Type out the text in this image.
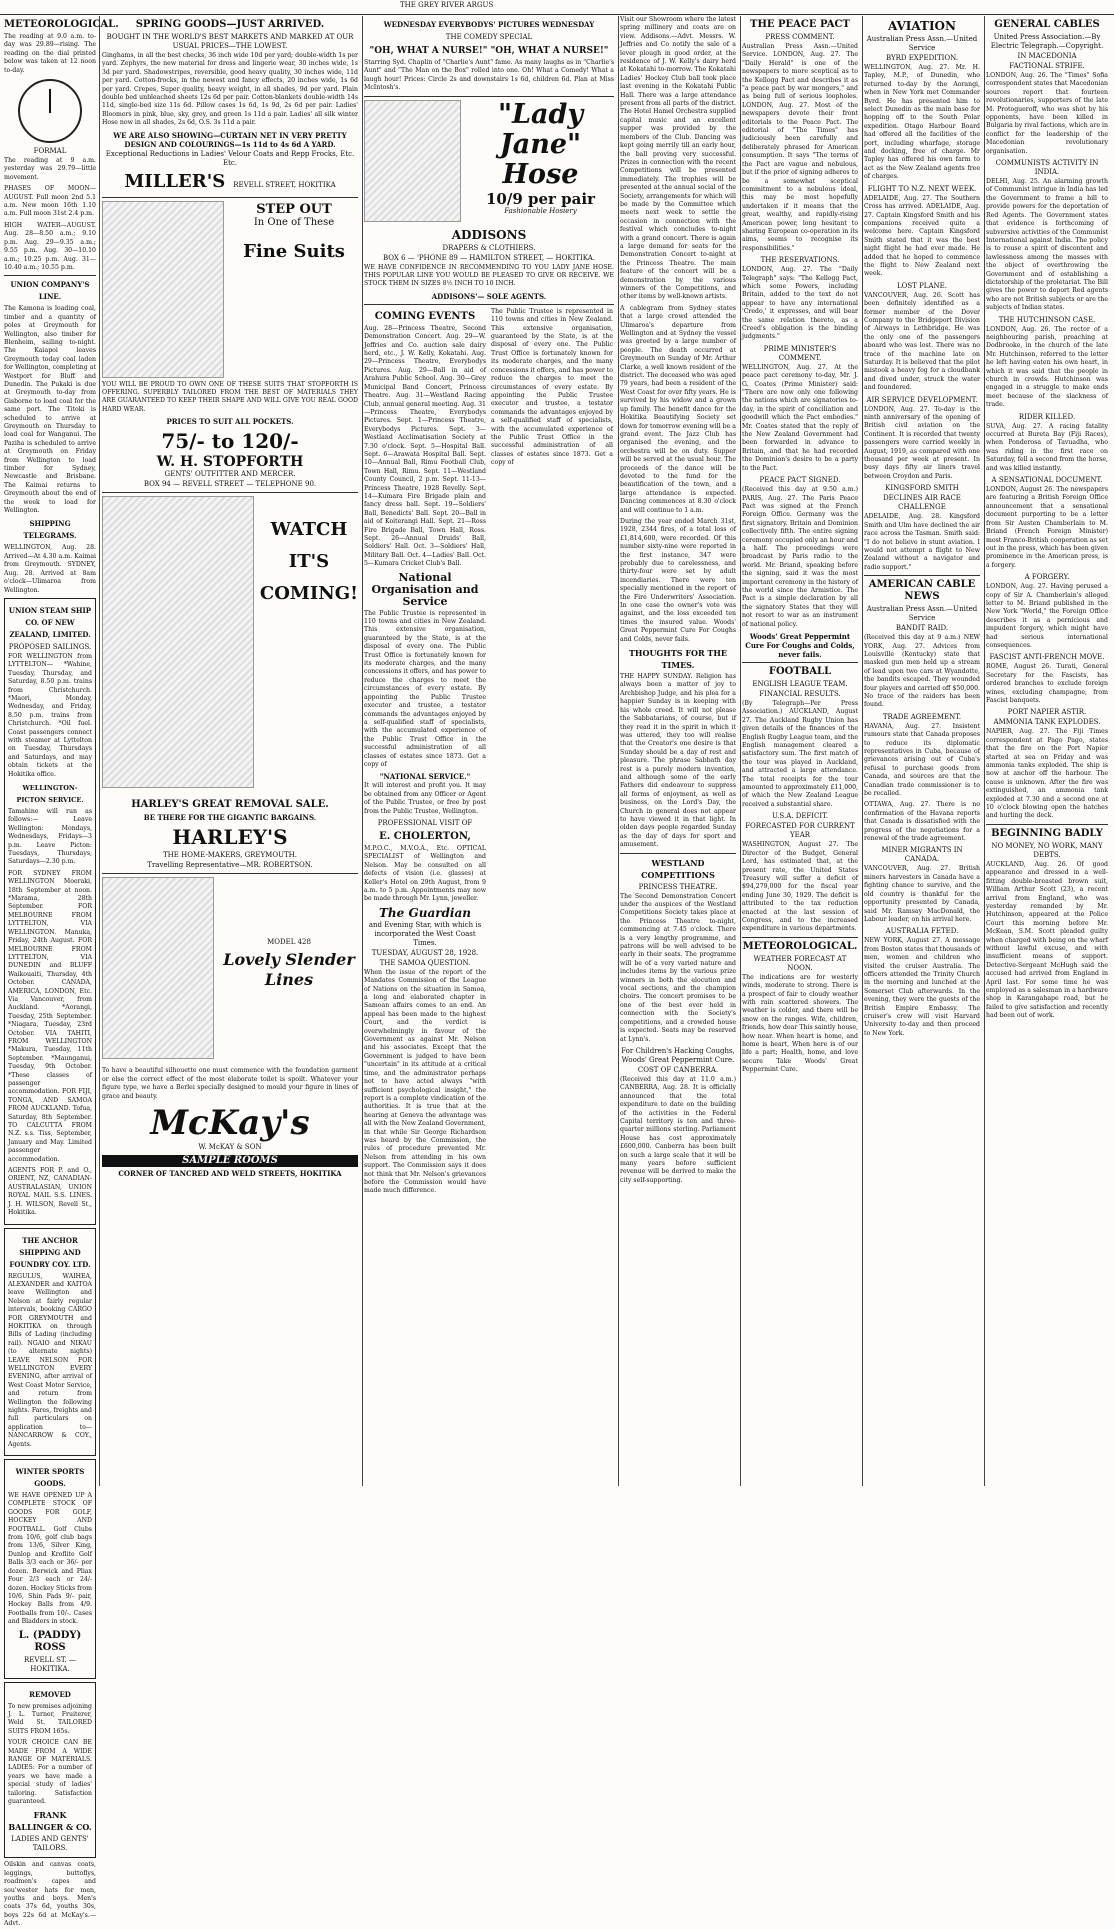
THE GREY RIVER ARGUS
METEOROLOGICAL.
The reading at 9.0 a.m. to-day was 29.89—rising. The reading on the dial printed below was taken at 12 noon to-day.
FORMAL
The reading at 9 a.m. yesterday was 29.79—little movement.
PHASES OF MOON—AUGUST. Full moon 2nd 5.1 a.m. New moon 16th 1.10 a.m. Full moon 31st 2.4 p.m.
HIGH WATER—AUGUST. Aug. 28—8.50 a.m.; 9.10 p.m. Aug. 29—9.35 a.m.; 9.55 p.m. Aug. 30—10.10 a.m.; 10.25 p.m. Aug. 31—10.40 a.m.; 10.55 p.m.
UNION COMPANY'S LINE.
The Kamona is loading coal, timber and a quantity of poles at Greymouth for Wellington, also timber for Blenheim, sailing to-night. The Kaiapoi leaves Greymouth today coal laden for Wellington, completing at Westport for Bluff and Dunedin. The Pukaki is due at Greymouth to-day from Gisborne to load coal for the same port. The Titoki is scheduled to arrive at Greymouth on Thursday to load coal for Wanganui. The Paziha is scheduled to arrive at Greymouth on Friday from Wellington to load timber for Sydney, Newcastle and Brisbane. The Kaimai returns to Greymouth about the end of the week to load for Wellington.
SHIPPING TELEGRAMS.
WELLINGTON, Aug. 28. Arrived—At 4.30 a.m. Kaimai from Greymouth. SYDNEY, Aug. 28. Arrived at 8am o'clock—Ulimaroa from Wellington.
UNION STEAM SHIP CO. OF NEW ZEALAND, LIMITED.
PROPOSED SAILINGS.
FOR WELLINGTON from LYTTELTON— *Wahine, Tuesday, Thursday, and Saturday, 8.50 p.m. trains from Christchurch. *Maori, Monday, Wednesday, and Friday, 8.50 p.m. trains from Christchurch. *Oil fuel. Coast passengers connect with steamer at Lyttelton on Tuesday, Thursdays and Saturdays, and may obtain tickets at the Hokitika office.
WELLINGTON-PICTON SERVICE.
Tamahine will run as follows:— Leave Wellington: Mondays, Wednesdays, Fridays—3 p.m. Leave Picton: Tuesdays, Thursdays, Saturdays—2.30 p.m.
FOR SYDNEY FROM WELLINGTON Moeraki, 18th September at noon. *Marama, 28th September. FOR MELBOURNE FROM LYTTELTON, VIA WELLINGTON. Manuka, Friday, 24th August. FOR MELBOURNE FROM LYTTELTON, VIA DUNEDIN and BLUFF Waikouaiti, Thursday, 4th October. CANADA, AMERICA, LONDON, Etc. Via Vancouver, from Auckland. *Aorangi, Tuesday, 25th September. *Niagara, Tuesday, 23rd October. VIA TAHITI, FROM WELLINGTON *Makura, Tuesday, 11th September. *Maunganui, Tuesday, 9th October. *These classes of passenger accommodation. FOR FIJI, TONGA, AND SAMOA FROM AUCKLAND. Tofua, Saturday, 8th September. TO CALCUTTA FROM N.Z. s.s. Tiss, September, January and May. Limited passenger accommodation.
AGENTS FOR P. and O., ORIENT, NZ, CANADIAN-AUSTRALASIAN, UNION ROYAL MAIL S.S. LINES. J. H. WILSON, Revell St., Hokitika.
THE ANCHOR SHIPPING AND FOUNDRY COY. LTD.
REGULUS, WAIHEA, ALEXANDER and KAITOA leave Wellington and Nelson at fairly regular intervals, booking CARGO FOR GREYMOUTH and HOKITIKA on through Bills of Lading (including rail). NGAIO and NIKAU (to alternate nights) LEAVE NELSON FOR WELLINGTON EVERY EVENING, after arrival of West Coast Motor Service, and return from Wellington the following nights. Fares, freights and full particulars on application to— NANCARROW & COY., Agents.
WINTER SPORTS GOODS.
WE HAVE OPENED UP A COMPLETE STOCK OF GOODS FOR GOLF, HOCKEY AND FOOTBALL. Golf Clubs from 10/6, golf club bags from 13/6, Silver King, Dunlop and Kroflite Golf Balls 3/3 each or 36/- per dozen. Berwick and Pliax Four 2/3 each or 24/- dozen. Hockey Sticks from 10/6, Shin Pads 9/- pair, Hockey Balls from 4/9. Footballs from 10/-. Cases and Bladders in stock.
L. (PADDY) ROSS
REVELL ST. — HOKITIKA.
REMOVED
To new premises adjoining J. L. Turner, Fruiterer, Weld St. TAILORED SUITS FROM 165s.
YOUR CHOICE CAN BE MADE FROM A WIDE RANGE OF MATERIALS. LADIES: For a number of years we have made a special study of ladies' tailoring. Satisfaction guaranteed.
FRANK BALLINGER & CO.
LADIES AND GENTS' TAILORS.
Oilskin and canvas coats, leggings, buttoflys, roadmen's capes and sou'wester hats for men, youths and boys. Men's coats 37s 6d, youths 30s, boys 22s 6d at McKay's.—Advt.
SPRING GOODS—JUST ARRIVED.
BOUGHT IN THE WORLD'S BEST MARKETS AND MARKED AT OUR USUAL PRICES—THE LOWEST.
Ginghams, in all the best checks, 36 inch wide 10d per yard; double-width 1s per yard. Zephyrs, the new material for dress and lingerie wear, 30 inches wide, 1s 3d per yard. Shadowstripes, reversible, good heavy quality, 30 inches wide, 11d per yard. Cotton-frocks, in the newest and fancy effects, 20 inches wide, 1s 6d per yard. Crepes, Super quality, heavy weight, in all shades, 9d per yard. Plain double bed unbleached sheets 12s 6d per pair. Cotton-blankets double-width 14s 11d, single-bed size 11s 6d. Pillow cases 1s 6d, 1s 9d, 2s 6d per pair. Ladies' Bloomers in pink, blue, sky, grey, and green 1s 11d a pair. Ladies' all silk winter Hose now in all shades, 2s 6d, O.S. 3s 11d a pair.
WE ARE ALSO SHOWING—CURTAIN NET IN VERY PRETTY DESIGN AND COLOURINGS—1s 11d to 4s 6d A YARD.
Exceptional Reductions in Ladies' Velour Coats and Repp Frocks, Etc. Etc.
MILLER'S REVELL STREET, HOKITIKA
STEP OUT
In One of These
Fine Suits
YOU WILL BE PROUD TO OWN ONE OF THESE SUITS THAT STOPFORTH IS OFFERING. SUPERBLY TAILORED FROM THE BEST OF MATERIALS THEY ARE GUARANTEED TO KEEP THEIR SHAPE AND WILL GIVE YOU REAL GOOD HARD WEAR.
PRICES TO SUIT ALL POCKETS.
75/- to 120/-
W. H. STOPFORTH
GENTS' OUTFITTER AND MERCER.
BOX 94 — REVELL STREET — TELEPHONE 90.
WATCH
IT'S
COMING!
HARLEY'S GREAT REMOVAL SALE.
BE THERE FOR THE GIGANTIC BARGAINS.
HARLEY'S
THE HOME-MAKERS, GREYMOUTH.
Travelling Representative—MR. ROBERTSON.
MODEL 428
Lovely Slender Lines
To have a beautiful silhouette one must commence with the foundation garment or else the correct effect of the most elaborate toilet is spoilt. Whatever your figure type, we have a Berlei specially designed to mould your figure in lines of grace and beauty.
McKay's
W. McKAY & SON
SAMPLE ROOMS
CORNER OF TANCRED AND WELD STREETS, HOKITIKA
WEDNESDAY EVERYBODYS' PICTURES WEDNESDAY
THE COMEDY SPECIAL
"OH, WHAT A NURSE!" "OH, WHAT A NURSE!"
Starring Syd. Chaplin of "Charlie's Aunt" fame. As many laughs as in "Charlie's Aunt" and "The Man on the Box" rolled into one. Oh! What a Comedy! What a laugh hour! Prices: Circle 2s and downstairs 1s 6d, children 6d. Plan at Miss McIntosh's.
"Lady Jane"
Hose
10/9 per pair
Fashionable Hosiery
ADDISONS
DRAPERS & CLOTHIERS.
BOX 6 — 'PHONE 89 — HAMILTON STREET, — HOKITIKA.
WE HAVE CONFIDENCE IN RECOMMENDING TO YOU LADY JANE HOSE. THIS POPULAR LINE YOU WOULD BE PLEASED TO GIVE OR RECEIVE. WE STOCK THEM IN SIZES 8½ INCH TO 10 INCH.
ADDISONS'— SOLE AGENTS.
COMING EVENTS
Aug. 28—Princess Theatre, Second Demonstration Concert. Aug. 29—W. Jeffries and Co. auction sale dairy herd, etc., J. W. Kelly, Kokatahi. Aug. 29—Princess Theatre, Everybodys Pictures. Aug. 29—Ball in aid of Arahura Public School. Aug. 30—Grey Municipal Band Concert, Princess Theatre. Aug. 31—Westland Racing Club, annual general meeting. Aug. 31—Princess Theatre, Everybodys Pictures. Sept. 1—Princess Theatre, Everybodys Pictures. Sept. 3—Westland Acclimatisation Society at 7.30 o'clock. Sept. 5—Hospital Ball. Sept. 6—Arawata Hospital Ball. Sept. 10—Annual Ball, Rimu Football Club, Town Hall, Rimu. Sept. 11—Westland County Council, 2 p.m. Sept. 11-13—Princess Theatre, 1928 Revelly. Sept. 14—Kumara Fire Brigade plain and fancy dress ball. Sept. 19—Soldiers' Ball, Benedicts' Ball. Sept. 20—Ball in aid of Koiterangi Hall. Sept. 21—Ross Fire Brigade Ball, Town Hall, Ross. Sept. 26—Annual Druids' Ball, Soldiers' Hall. Oct. 3—Soldiers' Hall, Military Ball. Oct. 4—Ladies' Ball. Oct. 5—Kumara Cricket Club's Ball.
National Organisation and Service
The Public Trustee is represented in 110 towns and cities in New Zealand. This extensive organisation, guaranteed by the State, is at the disposal of every one. The Public Trust Office is fortunately known for its moderate charges, and the many concessions it offers, and has power to reduce the charges to meet the circumstances of every estate. By appointing the Public Trustee executor and trustee, a testator commands the advantages enjoyed by a self-qualified staff of specialists, with the accumulated experience of the Public Trust Office in the successful administration of all classes of estates since 1873. Get a copy of
"NATIONAL SERVICE."
It will interest and profit you. It may be obtained from any Officer or Agent of the Public Trustee, or free by post from the Public Trustee, Wellington.
PROFESSIONAL VISIT OF
E. CHOLERTON,
M.P.O.C., M.V.O.A., Etc. OPTICAL SPECIALIST of Wellington and Nelson. May be consulted on all defects of vision (i.e. glasses) at Keller's Hotel on 29th August, from 9 a.m. to 5 p.m. Appointments may now be made through Mr. Lynn, jeweller.
The Guardian
and Evening Star, with which is incorporated the West Coast Times.
TUESDAY, AUGUST 28, 1928.
THE SAMOA QUESTION.
When the issue of the report of the Mandates Commission of the League of Nations on the situation in Samoa, a long and elaborated chapter in Samoan affairs comes to an end. An appeal has been made to the highest Court, and the verdict is overwhelmingly in favour of the Government as against Mr. Nelson and his associates. Except that the Government is judged to have been "uncertain" in its attitude at a critical time, and the administrator perhaps not to have acted always "with sufficient psychological insight," the report is a complete vindication of the authorities. It is true that at the hearing at Geneva the advantage was all with the New Zealand Government, in that while Sir George Richardson was heard by the Commission, the rules of procedure prevented Mr. Nelson from attending in his own support. The Commission says it does not think that Mr. Nelson's grievances before the Commission would have made much difference.
The Public Trustee is represented in 110 towns and cities in New Zealand. This extensive organisation, guaranteed by the State, is at the disposal of every one. The Public Trust Office is fortunately known for its moderate charges, and the many concessions it offers, and has power to reduce the charges to meet the circumstances of every estate. By appointing the Public Trustee executor and trustee, a testator commands the advantages enjoyed by a self-qualified staff of specialists, with the accumulated experience of the Public Trust Office in the successful administration of all classes of estates since 1873. Get a copy of
Visit our Showroom where the latest spring millinery and coats are on view. Addisons.—Advt. Messrs. W. Jeffries and Co notify the sale of a lever plough in good order, at the residence of J. W. Kelly's dairy herd at Kokatahi to-morrow. The Kokatahi Ladies' Hockey Club ball took place last evening in the Kokatahi Public Hall. There was a large attendance present from all parts of the district. The Hotel Hamel Orchestra supplied capital music and an excellent supper was provided by the members of the Club. Dancing was kept going merrily till an early hour, the ball proving very successful. Prizes in connection with the recent Competitions will be presented immediately. The trophies will be presented at the annual social of the Society, arrangements for which will be made by the Committee which meets next week to settle the occasion in connection with the festival which concludes to-night with a grand concert. There is again a large demand for seats for the Demonstration Concert to-night at the Princess Theatre. The main feature of the concert will be a demonstration by the various winners of the Competitions, and other items by well-known artists.
A cablegram from Sydney states that a large crowd attended the Ulimaroa's departure from Wellington and at Sydney the vessel was greeted by a large number of people. The death occurred at Greymouth on Sunday of Mr. Arthur Clarke, a well known resident of the district. The deceased who was aged 79 years, had been a resident of the West Coast for over fifty years. He is survived by his widow and a grown up family. The benefit dance for the Hokitika Beautifying Society set down for tomorrow evening will be a grand event. The Jazz Club has organised the evening, and the orchestra will be on duty. Supper will be served at the usual hour. The proceeds of the dance will be devoted to the fund for the beautification of the town, and a large attendance is expected. Dancing commences at 8.30 o'clock and will continue to 1 a.m.
During the year ended March 31st, 1928, 2344 fires, of a total loss of £1,814,600, were recorded. Of this number sixty-nine were reported in the first instance, 347 were probably due to carelessness, and thirty-four were set by adult incendiaries. There were ten specially mentioned in the report of the Fire Underwriters' Association. In one case the owner's vote was against, and the loss exceeded ten times the insured value. Woods' Great Peppermint Cure For Coughs and Colds, never fails.
THOUGHTS FOR THE TIMES.
THE HAPPY SUNDAY. Religion has always been a matter of joy to Archbishop Judge, and his plea for a happier Sunday is in keeping with his whole creed. It will not please the Sabbatarians, of course, but if they read it in the spirit in which it was uttered, they too will realise that the Creator's one desire is that Sunday should be a day of rest and pleasure. The phrase Sabbath day rest is a purely modern invention, and although some of the early Fathers did endeavour to suppress all forms of enjoyment, as well as business, on the Lord's Day, the Church in general does not appear to have viewed it in that light. In olden days people regarded Sunday as the day of days for sport and amusement.
WESTLAND COMPETITIONS
PRINCESS THEATRE.
The Second Demonstration Concert under the auspices of the Westland Competitions Society takes place at the Princess Theatre to-night, commencing at 7.45 o'clock. There is a very lengthy programme, and patrons will be well advised to be early in their seats. The programme will be of a very varied nature and includes items by the various prize winners in both the elocution and vocal sections, and the champion choirs. The concert promises to be one of the best ever held in connection with the Society's competitions, and a crowded house is expected. Seats may be reserved at Lynn's.
For Children's Hacking Coughs, Woods' Great Peppermint Cure.
COST OF CANBERRA.
(Received this day at 11.0 a.m.) CANBERRA, Aug. 28. It is officially announced that the total expenditure to date on the building of the activities in the Federal Capital territory is ten and three-quarter millions sterling. Parliament House has cost approximately £600,000. Canberra has been built on such a large scale that it will be many years before sufficient revenue will be derived to make the city self-supporting.
THE PEACE PACT
PRESS COMMENT.
Australian Press Assn.—United Service. LONDON, Aug. 27. The "Daily Herald" is one of the newspapers to more sceptical as to the Kellogg Pact and describes it as "a peace pact by war mongers," and as being full of serious loopholes. LONDON, Aug. 27. Most of the newspapers devote their front editorials to the Peace Pact. The editorial of "The Times" has judiciously been carefully and deliberately phrased for American consumption. It says "The terms of the Pact are vague and nebulous, but if the prior of signing adheres to be a somewhat sceptical commitment to a nebulous ideal, this may be most hopefully undertaken if it means that the great, wealthy, and rapidly-rising American power, long hesitant to sharing European co-operation in its aims, seems to recognise its responsibilities."
THE RESERVATIONS.
LONDON, Aug. 27. The "Daily Telegraph" says: "The Kellogg Pact, which some Powers, including Britain, added to the text do not appear to have any international 'Credo,' it expresses, and will bear the same relation thereto, as a Creed's obligation is the binding judgments."
PRIME MINISTER'S COMMENT.
WELLINGTON, Aug. 27. At the peace pact ceremony to-day, Mr. J. G. Coates (Prime Minister) said: "There are now only one following the nations which are signatories to-day, in the spirit of conciliation and goodwill which the Pact embodies." Mr. Coates stated that the reply of the New Zealand Government had been forwarded in advance to Britain, and that he had recorded the Dominion's desire to be a party to the Pact.
PEACE PACT SIGNED.
(Received this day at 9.50 a.m.) PARIS, Aug. 27. The Paris Peace Pact was signed at the French Foreign Office. Germany was the first signatory. Britain and Dominion collectively fifth. The entire signing ceremony occupied only an hour and a half. The proceedings were broadcast by Paris radio to the world. Mr. Briand, speaking before the signing, said it was the most important ceremony in the history of the world since the Armistice. The Pact is a simple declaration by all the signatory States that they will not resort to war as an instrument of national policy.
Woods' Great Peppermint Cure For Coughs and Colds, never fails.
FOOTBALL
ENGLISH LEAGUE TEAM.
FINANCIAL RESULTS.
(By Telegraph—Per Press Association.) AUCKLAND, August 27. The Auckland Rugby Union has given details of the finances of the English Rugby League team, and the English management cleared a satisfactory sum. The first match of the tour was played in Auckland, and attracted a large attendance. The total receipts for the tour amounted to approximately £11,000, of which the New Zealand League received a substantial share.
U.S.A. DEFICIT.
FORECASTED FOR CURRENT YEAR
WASHINGTON, August 27. The Director of the Budget, General Lord, has estimated that, at the present rate, the United States Treasury will suffer a deficit of $94,279,000 for the fiscal year ending June 30, 1929. The deficit is attributed to the tax reduction enacted at the last session of Congress, and to the increased expenditure in various departments.
METEOROLOGICAL.
WEATHER FORECAST AT NOON.
The indications are for westerly winds, moderate to strong. There is a prospect of fair to cloudy weather with rain scattered showers. The weather is colder, and there will be snow on the ranges. Wife, children, friends, how dear This saintly house, how near. When heart is home, and home is heart, When here is of our life a part; Health, home, and love secure Take Woods' Great Peppermint Cure.
AVIATION
Australian Press Assn.—United Service
BYRD EXPEDITION.
WELLINGTON, Aug. 27. Mr. H. Tapley, M.P., of Dunedin, who returned to-day by the Aorangi, when in New York met Commander Byrd. He has presented him to select Dunedin as the main base for hopping off to the South Polar expedition. Otago Harbour Board had offered all the facilities of the port, including wharfage, storage and docking, free of charge. Mr Tapley has offered his own farm to act as the New Zealand agents free of charges.
FLIGHT TO N.Z. NEXT WEEK.
ADELAIDE, Aug. 27. The Southern Cross has arrived. ADELAIDE, Aug. 27. Captain Kingsford Smith and his companions received quite a welcome here. Captain Kingsford Smith stated that it was the best night flight he had ever made. He added that he hoped to commence the flight to New Zealand next week.
LOST PLANE.
VANCOUVER, Aug. 26. Scott has been definitely identified as a former member of the Dover Company to the Bridgeport Division of Airways in Lethbridge. He was the only one of the passengers aboard who was lost. There was no trace of the machine late on Saturday. It is believed that the pilot mistook a heavy fog for a cloudbank and dived under, struck the water and foundered.
AIR SERVICE DEVELOPMENT.
LONDON, Aug. 27. To-day is the ninth anniversary of the opening of British civil aviation on the Continent. It is recorded that twenty passengers were carried weekly in August, 1919, as compared with one thousand per week at present. In busy days fifty air liners travel between Croydon and Paris.
KINGSFORD SMITH
DECLINES AIR RACE CHALLENGE
ADELAIDE, Aug. 28. Kingsford Smith and Ulm have declined the air race across the Tasman. Smith said: "I do not believe in stunt aviation. I would not attempt a flight to New Zealand without a navigator and radio support."
AMERICAN CABLE NEWS
Australian Press Assn.—United Service
BANDIT RAID.
(Received this day at 9 a.m.) NEW YORK, Aug. 27. Advices from Louisville (Kentucky) state that masked gun men held up a stream of lead upon two cars at Wyandotte, the bandits escaped. They wounded four players and carried off $50,000. No trace of the raiders has been found.
TRADE AGREEMENT.
HAVANA, Aug. 27. Insistent rumours state that Canada proposes to reduce its diplomatic representatives in Cuba, because of grievances arising out of Cuba's refusal to purchase goods from Canada, and sources are that the Canadian trade commissioner is to be recalled.
OTTAWA, Aug. 27. There is no confirmation of the Havana reports that Canada is dissatisfied with the progress of the negotiations for a renewal of the trade agreement.
MINER MIGRANTS IN CANADA.
VANCOUVER, Aug. 27. British miners harvesters in Canada have a fighting chance to survive, and the old country is thankful for the opportunity presented by Canada, said Mr. Ramsay MacDonald, the Labour leader, on his arrival here.
AUSTRALIA FETED.
NEW YORK, August 27. A message from Boston states that thousands of men, women and children who visited the cruiser Australia. The officers attended the Trinity Church in the morning and lunched at the Somerset Club afterwards. In the evening, they were the guests of the British Empire Embassy. The cruiser's crew will visit Harvard University to-day and then proceed to New York.
GENERAL CABLES
United Press Association.—By Electric Telegraph.—Copyright.
IN MACEDONIA
FACTIONAL STRIFE.
LONDON, Aug. 26. The "Times" Sofia correspondent states that Macedonian sources report that fourteen revolutionaries, supporters of the late M. Protogueroff, who was shot by his opponents, have been killed in Bulgaria by rival factions, which are in conflict for the leadership of the Macedonian revolutionary organisation.
COMMUNISTS ACTIVITY IN INDIA.
DELHI, Aug. 25. An alarming growth of Communist intrigue in India has led the Government to frame a bill to provide powers for the deportation of Red Agents. The Government states that evidence is forthcoming of subversive activities of the Communist International against India. The policy is to rouse a spirit of discontent and lawlessness among the masses with the object of overthrowing the Government and of establishing a dictatorship of the proletariat. The Bill gives the power to deport Red agents who are not British subjects or are the subjects of Indian states.
THE HUTCHINSON CASE.
LONDON, Aug. 26. The rector of a neighbouring parish, preaching at Dodbrooke, in the church of the late Mr. Hutchinson, referred to the letter he left having eaten his own heart, in which it was said that the people in church in crowds. Hutchinson was engaged in a struggle to make ends meet because of the slackness of trade.
RIDER KILLED.
SUVA, Aug. 27. A racing fatality occurred at Bureta Bay (Fiji Races), when Ponderosa of Tavuadha, who was riding in the first race on Saturday, fell a second from the horse, and was killed instantly.
A SENSATIONAL DOCUMENT.
LONDON, August 26. The newspapers are featuring a British Foreign Office announcement that a sensational document purporting to be a letter from Sir Austen Chamberlain to M. Briand (French Foreign Minister) most Franco-British cooperation as set out in the press, which has been given prominence in the American press, is a forgery.
A FORGERY.
LONDON, Aug. 27. Having perused a copy of Sir A. Chamberlain's alleged letter to M. Briand published in the New York "World," the Foreign Office describes it as a pernicious and impudent forgery, which might have had serious international consequences.
FASCIST ANTI-FRENCH MOVE.
ROME, August 26. Turati, General Secretary for the Fascists, has ordered branches to exclude foreign wines, excluding champagne, from Fascist banquets.
PORT NAPIER ASTIR.
AMMONIA TANK EXPLODES.
NAPIER, Aug. 27. The Fiji Times correspondent at Pago Pago, states that the fire on the Port Napier started at sea on Friday and was ammonia tanks exploded. The ship is now at anchor off the harbour. The cause is unknown. After the fire was extinguished, an ammonia tank exploded at 7.30 and a second one at 10 o'clock blowing open the hatches and hurling the deck.
BEGINNING BADLY
NO MONEY, NO WORK, MANY DEBTS.
AUCKLAND, Aug. 26. Of good appearance and dressed in a well-fitting double-breasted brown suit, William Arthur Scott (23), a recent arrival from England, who was yesterday remanded by Mr. Hutchinson, appeared at the Police Court this morning before Mr. McKean, S.M. Scott pleaded guilty when charged with being on the wharf without lawful excuse, and with insufficient means of support. Detective-Sergeant McHugh said the accused had arrived from England in April last. For some time he was employed as a salesman in a hardware shop in Karangahape road, but he failed to give satisfaction and recently had been out of work.
